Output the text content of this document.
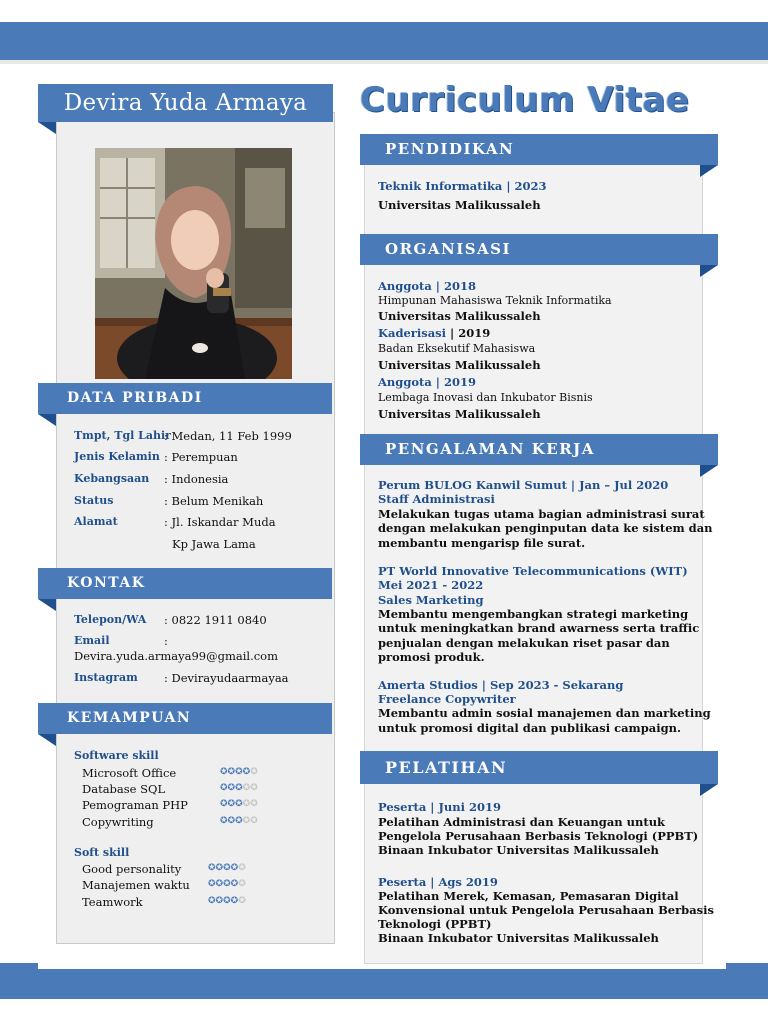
Devira Yuda Armaya	Curriculum Vitae
DATA PRIBADI
Tmpt, Tgl Lahir
: Medan, 11 Feb 1999
Jenis Kelamin : Perempuan
Kebangsaan : Indonesia
Status	: Belum Menikah
Alamat	: Jl. Iskandar Muda
Kp Jawa Lama
KONTAK
Telepon/WA : 0822 1911 0840
Email	:
Devira.yuda.armaya99@gmail.com
Instagram : Devirayudaarmayaa
KEMAMPUAN
Software skill
Microsoft Office	✪✪✪✪✪
Database SQL	✪✪✪✪✪
Pemograman PHP	✪✪✪✪✪
Copywriting	✪✪✪✪✪
Soft skill
Good personality	✪✪✪✪✪
Manajemen waktu ✪✪✪✪✪
Teamwork	✪✪✪✪✪
PENDIDIKAN
Teknik Informatika | 2023
Universitas Malikussaleh
ORGANISASI
Anggota | 2018
Himpunan Mahasiswa Teknik Informatika
Universitas Malikussaleh
Kaderisasi | 2019
Badan Eksekutif Mahasiswa
Universitas Malikussaleh
Anggota | 2019
Lembaga Inovasi dan Inkubator Bisnis
Universitas Malikussaleh
PENGALAMAN KERJA
Perum BULOG Kanwil Sumut | Jan – Jul 2020
Staff Administrasi
Melakukan tugas utama bagian administrasi surat
dengan melakukan penginputan data ke sistem dan
membantu mengarisp file surat.
PT World Innovative Telecommunications (WIT)
Mei 2021 - 2022
Sales Marketing
Membantu mengembangkan strategi marketing
untuk meningkatkan brand awarness serta traffic
penjualan dengan melakukan riset pasar dan
promosi produk.
Amerta Studios | Sep 2023 - Sekarang
Freelance Copywriter
Membantu admin sosial manajemen dan marketing
untuk promosi digital dan publikasi campaign.
PELATIHAN
Peserta | Juni 2019
Pelatihan Administrasi dan Keuangan untuk
Pengelola Perusahaan Berbasis Teknologi (PPBT)
Binaan Inkubator Universitas Malikussaleh
Peserta | Ags 2019
Pelatihan Merek, Kemasan, Pemasaran Digital
Konvensional untuk Pengelola Perusahaan Berbasis
Teknologi (PPBT)
Binaan Inkubator Universitas Malikussaleh
